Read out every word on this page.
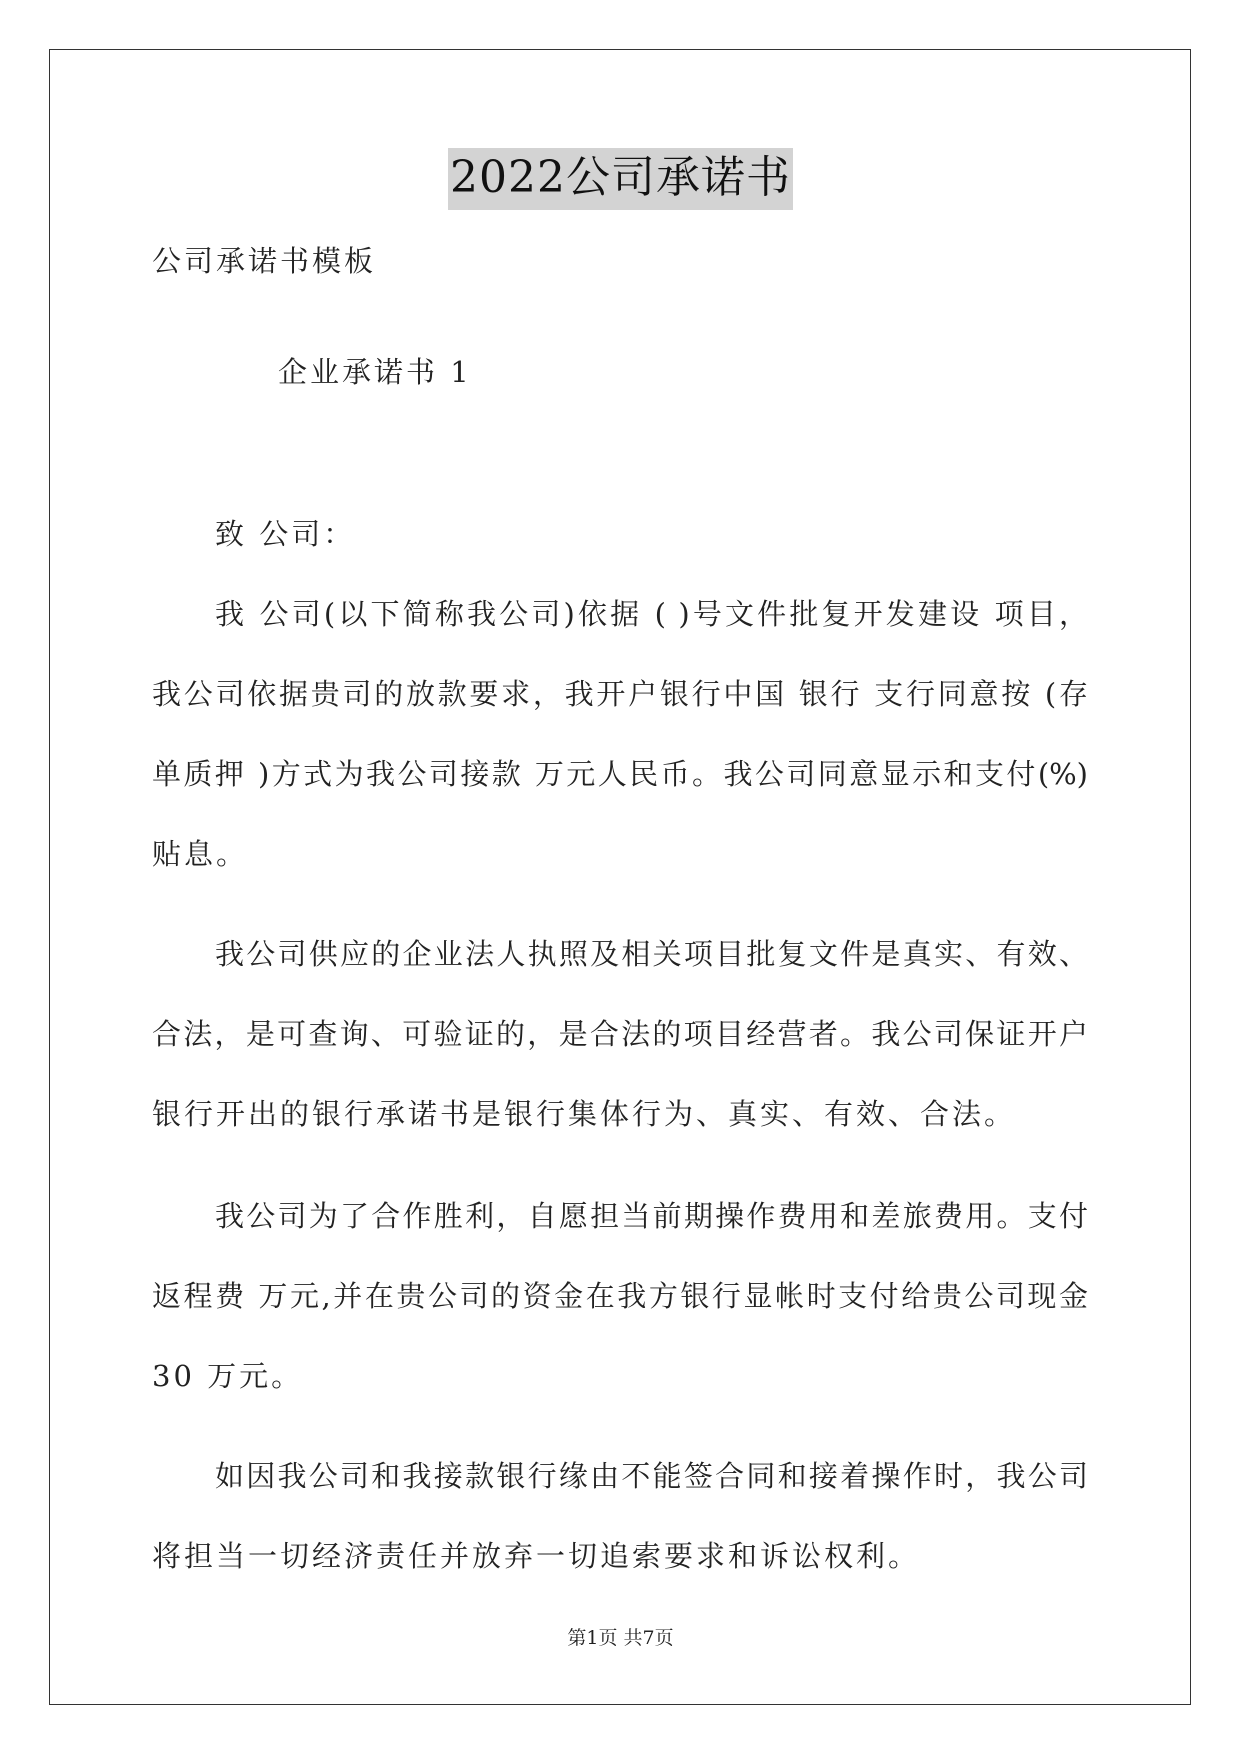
2022公司承诺书
公司承诺书模板
企业承诺书 1
致 公司：
我 公司(以下简称我公司)依据 ( )号文件批复开发建设 项目，
我公司依据贵司的放款要求，我开户银行中国 银行 支行同意按 (存
单质押 )方式为我公司接款 万元人民币。我公司同意显示和支付(%)
贴息。
我公司供应的企业法人执照及相关项目批复文件是真实、有效、
合法，是可查询、可验证的，是合法的项目经营者。我公司保证开户
银行开出的银行承诺书是银行集体行为、真实、有效、合法。
我公司为了合作胜利，自愿担当前期操作费用和差旅费用。支付
返程费 万元,并在贵公司的资金在我方银行显帐时支付给贵公司现金
30 万元。
如因我公司和我接款银行缘由不能签合同和接着操作时，我公司
将担当一切经济责任并放弃一切追索要求和诉讼权利。
第1页 共7页
